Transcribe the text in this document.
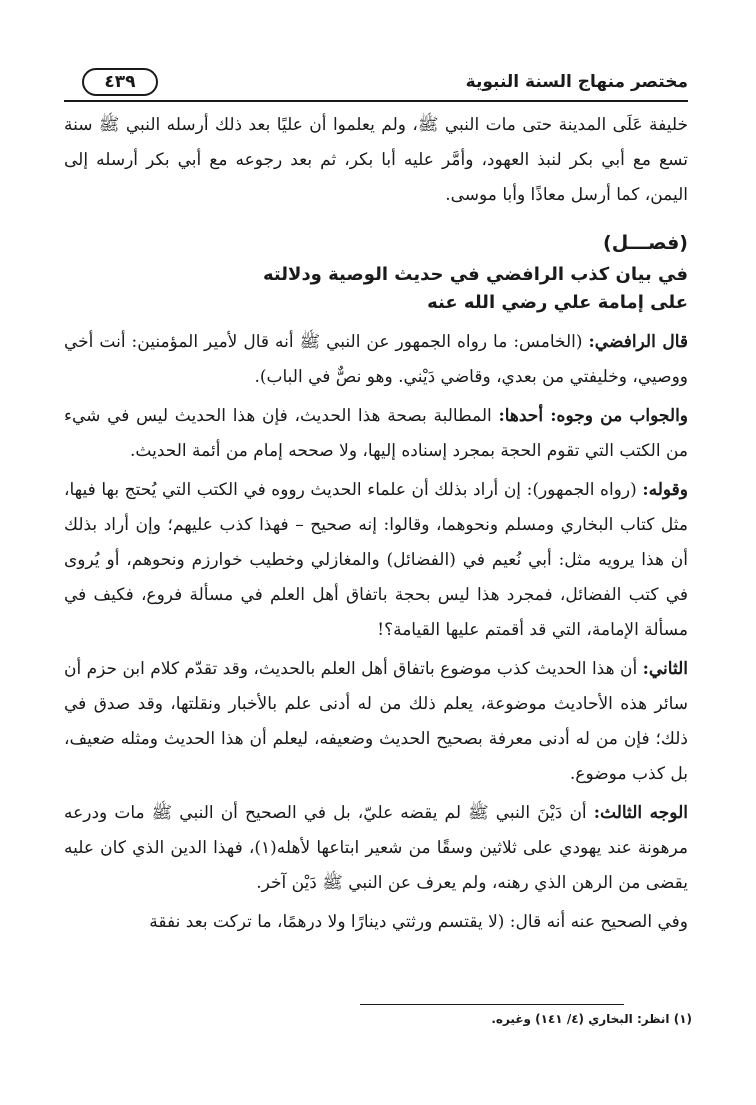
مختصر منهاج السنة النبوية
٤٣٩

خليفة عَلَى المدينة حتى مات النبي ﷺ، ولم يعلموا أن عليًا بعد ذلك أرسله النبي ﷺ سنة تسع مع أبي بكر لنبذ العهود، وأمَّر عليه أبا بكر، ثم بعد رجوعه مع أبي بكر أرسله إلى اليمن، كما أرسل معاذًا وأبا موسى.

(فصـــل)
في بيان كذب الرافضي في حديث الوصية ودلالته
على إمامة علي رضي الله عنه

قال الرافضي: (الخامس: ما رواه الجمهور عن النبي ﷺ أنه قال لأمير المؤمنين: أنت أخي ووصيي، وخليفتي من بعدي، وقاضي دَيْني. وهو نصٌّ في الباب).

والجواب من وجوه: أحدها: المطالبة بصحة هذا الحديث، فإن هذا الحديث ليس في شيء من الكتب التي تقوم الحجة بمجرد إسناده إليها، ولا صححه إمام من أئمة الحديث.

وقوله: (رواه الجمهور): إن أراد بذلك أن علماء الحديث رووه في الكتب التي يُحتج بها فيها، مثل كتاب البخاري ومسلم ونحوهما، وقالوا: إنه صحيح – فهذا كذب عليهم؛ وإن أراد بذلك أن هذا يرويه مثل: أبي نُعيم في (الفضائل) والمغازلي وخطيب خوارزم ونحوهم، أو يُروى في كتب الفضائل، فمجرد هذا ليس بحجة باتفاق أهل العلم في مسألة فروع، فكيف في مسألة الإمامة، التي قد أقمتم عليها القيامة؟!

الثاني: أن هذا الحديث كذب موضوع باتفاق أهل العلم بالحديث، وقد تقدّم كلام ابن حزم أن سائر هذه الأحاديث موضوعة، يعلم ذلك من له أدنى علم بالأخبار ونقلتها، وقد صدق في ذلك؛ فإن من له أدنى معرفة بصحيح الحديث وضعيفه، ليعلم أن هذا الحديث ومثله ضعيف، بل كذب موضوع.

الوجه الثالث: أن دَيْنَ النبي ﷺ لم يقضه عليّ، بل في الصحيح أن النبي ﷺ مات ودرعه مرهونة عند يهودي على ثلاثين وسقًا من شعير ابتاعها لأهله(١)، فهذا الدين الذي كان عليه يقضى من الرهن الذي رهنه، ولم يعرف عن النبي ﷺ دَيْن آخر.

وفي الصحيح عنه أنه قال: (لا يقتسم ورثتي دينارًا ولا درهمًا، ما تركت بعد نفقة

(١) انظر: البخاري (٤/ ١٤١) وغيره.
